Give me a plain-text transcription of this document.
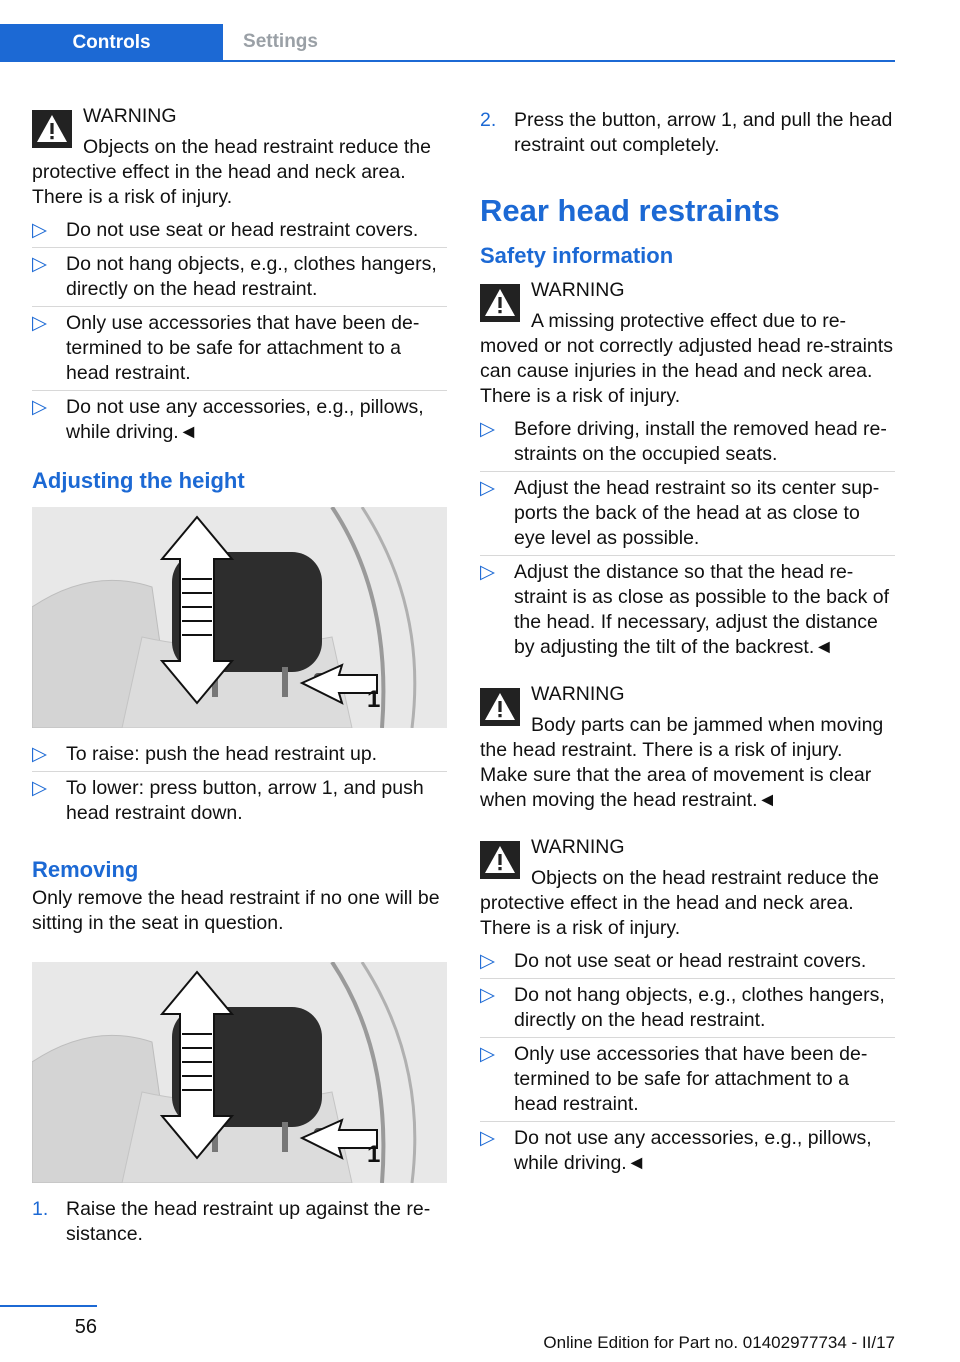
Controls	Settings
WARNING
Objects on the head restraint reduce the protective effect in the head and neck area. There is a risk of injury.
▷ Do not use seat or head restraint covers.
▷ Do not hang objects, e.g., clothes hangers, directly on the head restraint.
▷ Only use accessories that have been de-termined to be safe for attachment to a head restraint.
▷ Do not use any accessories, e.g., pillows, while driving.◄
Adjusting the height
1
▷ To raise: push the head restraint up.
▷ To lower: press button, arrow 1, and push head restraint down.
Removing

Only remove the head restraint if no one will be sitting in the seat in question.

1
1. Raise the head restraint up against the re-sistance.
2. Press the button, arrow 1, and pull the head restraint out completely.
Rear head restraints
Safety information
WARNING
A missing protective effect due to re-moved or not correctly adjusted head re-straints can cause injuries in the head and neck area. There is a risk of injury.
▷ Before driving, install the removed head re-straints on the occupied seats.
▷ Adjust the head restraint so its center sup-ports the back of the head at as close to eye level as possible.
▷ Adjust the distance so that the head re-straint is as close as possible to the back of the head. If necessary, adjust the distance by adjusting the tilt of the backrest.◄
WARNING
Body parts can be jammed when moving the head restraint. There is a risk of injury. Make sure that the area of movement is clear when moving the head restraint.◄
WARNING
Objects on the head restraint reduce the protective effect in the head and neck area. There is a risk of injury.
▷ Do not use seat or head restraint covers.
▷ Do not hang objects, e.g., clothes hangers, directly on the head restraint.
▷ Only use accessories that have been de-termined to be safe for attachment to a head restraint.
▷ Do not use any accessories, e.g., pillows, while driving.◄
56
Online Edition for Part no. 01402977734 - II/17
